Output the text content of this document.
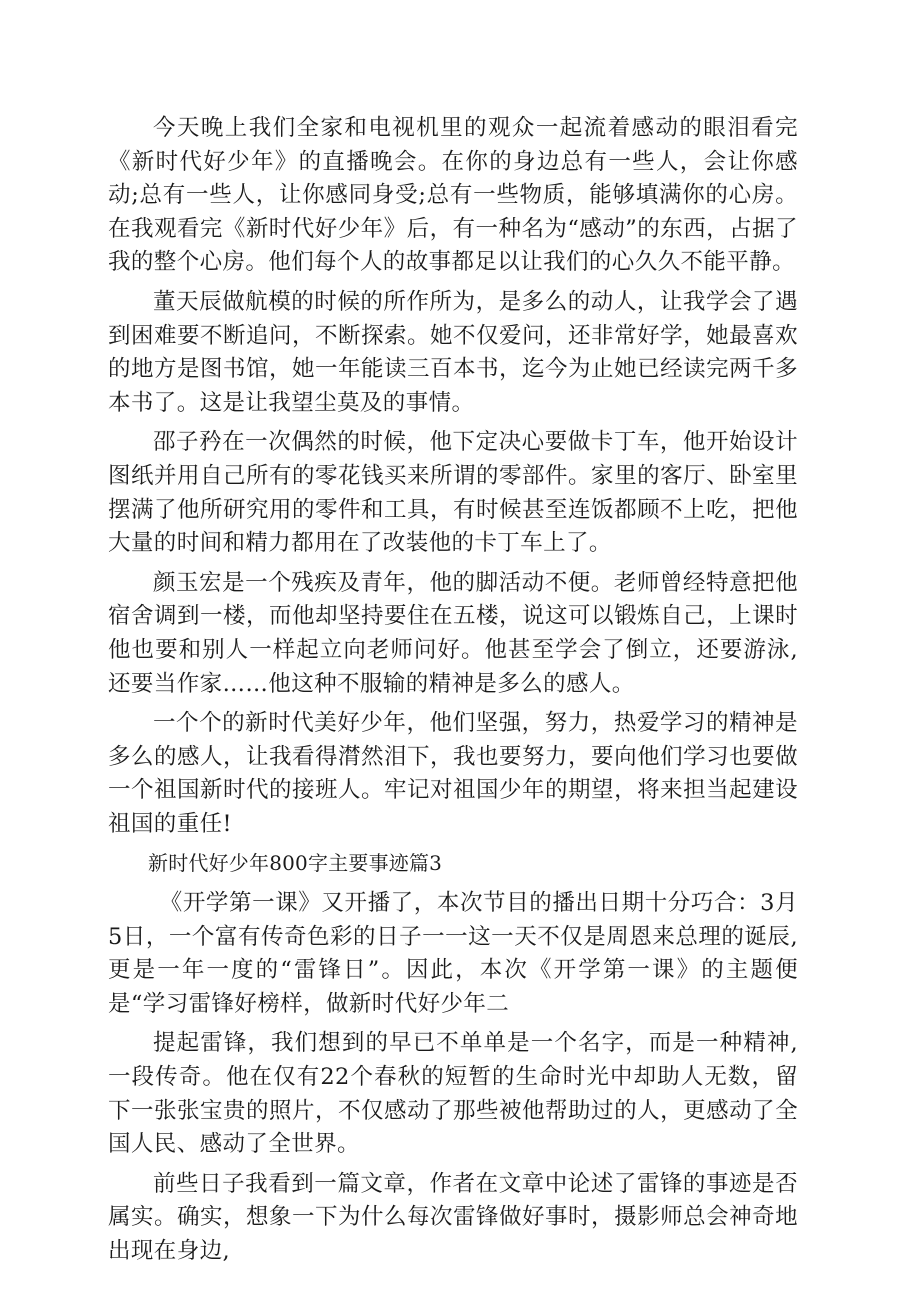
今天晚上我们全家和电视机里的观众一起流着感动的眼泪看完《新时代好少年》的直播晚会。在你的身边总有一些人，会让你感动;总有一些人，让你感同身受;总有一些物质，能够填满你的心房。在我观看完《新时代好少年》后，有一种名为“感动”的东西，占据了我的整个心房。他们每个人的故事都足以让我们的心久久不能平静。

董天辰做航模的时候的所作所为，是多么的动人，让我学会了遇到困难要不断追问，不断探索。她不仅爱问，还非常好学，她最喜欢的地方是图书馆，她一年能读三百本书，迄今为止她已经读完两千多本书了。这是让我望尘莫及的事情。

邵子矜在一次偶然的时候，他下定决心要做卡丁车，他开始设计图纸并用自己所有的零花钱买来所谓的零部件。家里的客厅、卧室里摆满了他所研究用的零件和工具，有时候甚至连饭都顾不上吃，把他大量的时间和精力都用在了改装他的卡丁车上了。

颜玉宏是一个残疾及青年，他的脚活动不便。老师曾经特意把他宿舍调到一楼，而他却坚持要住在五楼，说这可以锻炼自己，上课时他也要和别人一样起立向老师问好。他甚至学会了倒立，还要游泳,还要当作家……他这种不服输的精神是多么的感人。

一个个的新时代美好少年，他们坚强，努力，热爱学习的精神是多么的感人，让我看得潸然泪下，我也要努力，要向他们学习也要做一个祖国新时代的接班人。牢记对祖国少年的期望，将来担当起建设祖国的重任!

新时代好少年800字主要事迹篇3

《开学第一课》又开播了，本次节目的播出日期十分巧合：3月5日，一个富有传奇色彩的日子一一这一天不仅是周恩来总理的诞辰,更是一年一度的“雷锋日”。因此，本次《开学第一课》的主题便是“学习雷锋好榜样，做新时代好少年二

提起雷锋，我们想到的早已不单单是一个名字，而是一种精神,一段传奇。他在仅有22个春秋的短暂的生命时光中却助人无数，留下一张张宝贵的照片，不仅感动了那些被他帮助过的人，更感动了全国人民、感动了全世界。

前些日子我看到一篇文章，作者在文章中论述了雷锋的事迹是否属实。确实，想象一下为什么每次雷锋做好事时，摄影师总会神奇地出现在身边,
